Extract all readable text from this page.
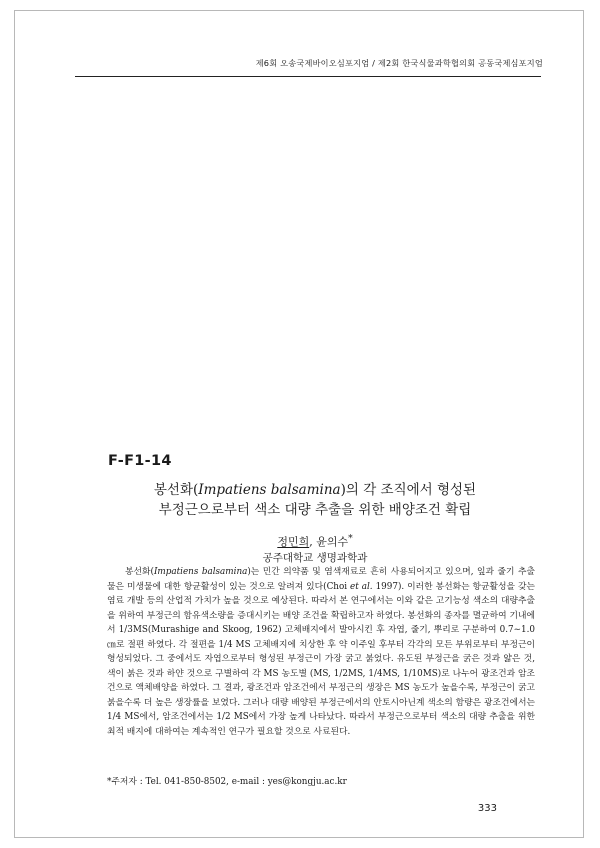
제6회 오송국제바이오심포지엄 / 제2회 한국식물과학협의회 공동국제심포지엄
F-F1-14
봉선화(Impatiens balsamina)의 각 조직에서 형성된
부정근으로부터 색소 대량 추출을 위한 배양조건 확립
정민희, 윤의수*
공주대학교 생명과학과
봉선화(Impatiens balsamina)는 민간 의약품 및 염색재료로 흔히 사용되어지고 있으며, 잎과 줄기 추출물은 미생물에 대한 항균활성이 있는 것으로 알려져 있다(Choi et al. 1997). 이러한 봉선화는 항균활성을 갖는 염료 개발 등의 산업적 가치가 높을 것으로 예상된다. 따라서 본 연구에서는 이와 같은 고기능성 색소의 대량추출을 위하여 부정근의 함유색소량을 증대시키는 배양 조건을 확립하고자 하였다. 봉선화의 종자를 멸균하여 기내에서 1/3MS(Murashige and Skoog, 1962) 고체배지에서 발아시킨 후 자엽, 줄기, 뿌리로 구분하여 0.7∼1.0㎝로 절편 하였다. 각 절편을 1/4 MS 고체배지에 치상한 후 약 이주일 후부터 각각의 모든 부위로부터 부정근이 형성되었다. 그 중에서도 자엽으로부터 형성된 부정근이 가장 굵고 붉었다. 유도된 부정근을 굵은 것과 얇은 것, 색이 붉은 것과 하얀 것으로 구별하여 각 MS 농도별 (MS, 1/2MS, 1/4MS, 1/10MS)로 나누어 광조건과 암조건으로 액체배양을 하였다. 그 결과, 광조건과 암조건에서 부정근의 생장은 MS 농도가 높을수록, 부정근이 굵고 붉을수록 더 높은 생장률을 보였다. 그러나 대량 배양된 부정근에서의 안토시아닌계 색소의 함량은 광조건에서는 1/4 MS에서, 암조건에서는 1/2 MS에서 가장 높게 나타났다. 따라서 부정근으로부터 색소의 대량 추출을 위한 최적 배지에 대하여는 계속적인 연구가 필요할 것으로 사료된다.
*주저자 : Tel. 041-850-8502, e-mail : yes@kongju.ac.kr
333
